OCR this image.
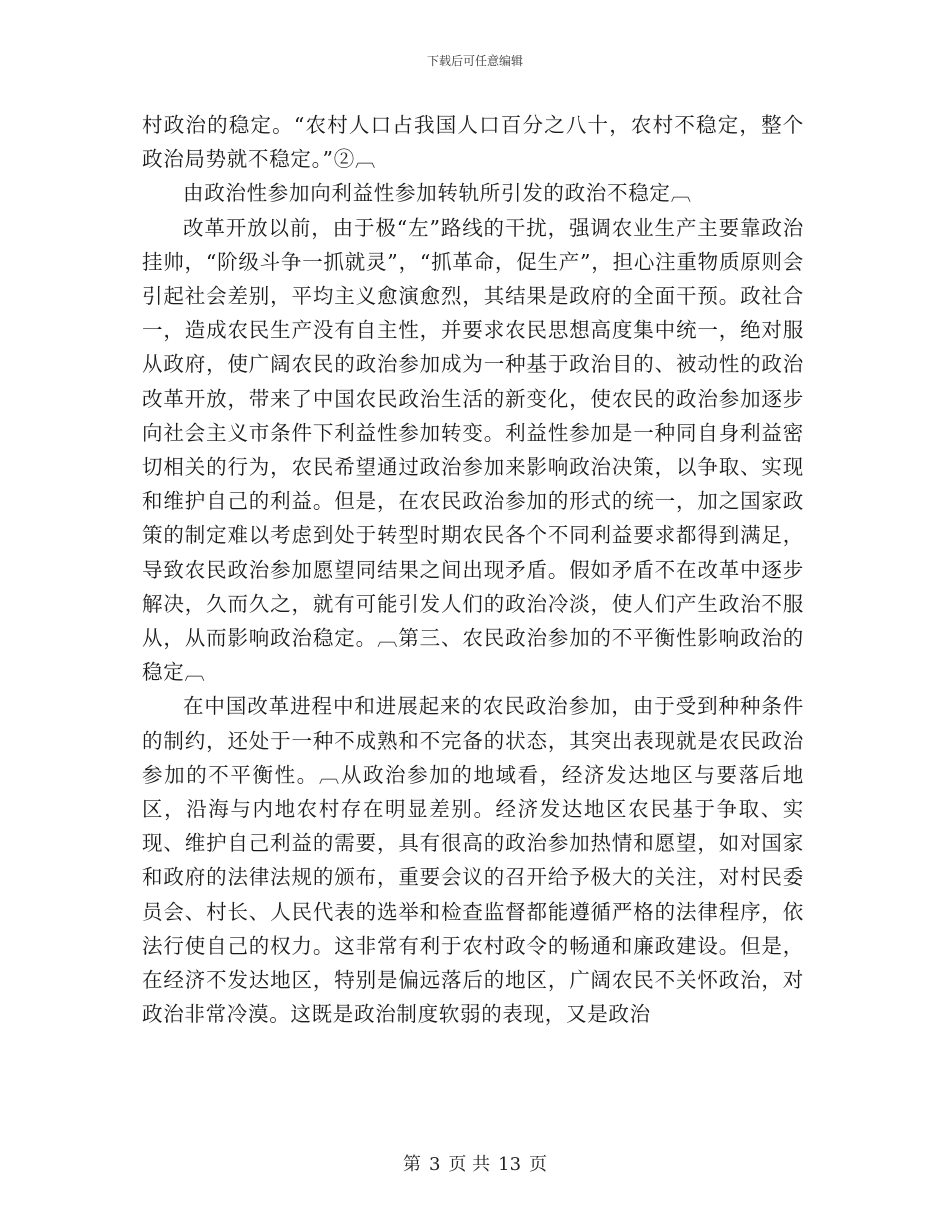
下载后可任意编辑

村政治的稳定。“农村人口占我国人口百分之八十，农村不稳定，整个政治局势就不稳定。”②︹

由政治性参加向利益性参加转轨所引发的政治不稳定︹

改革开放以前，由于极“左”路线的干扰，强调农业生产主要靠政治挂帅，“阶级斗争一抓就灵”，“抓革命，促生产”，担心注重物质原则会引起社会差别，平均主义愈演愈烈，其结果是政府的全面干预。政社合一，造成农民生产没有自主性，并要求农民思想高度集中统一，绝对服从政府，使广阔农民的政治参加成为一种基于政治目的、被动性的政治改革开放，带来了中国农民政治生活的新变化，使农民的政治参加逐步向社会主义市条件下利益性参加转变。利益性参加是一种同自身利益密切相关的行为，农民希望通过政治参加来影响政治决策，以争取、实现和维护自己的利益。但是，在农民政治参加的形式的统一，加之国家政策的制定难以考虑到处于转型时期农民各个不同利益要求都得到满足，导致农民政治参加愿望同结果之间出现矛盾。假如矛盾不在改革中逐步解决，久而久之，就有可能引发人们的政治冷淡，使人们产生政治不服从，从而影响政治稳定。︹第三、农民政治参加的不平衡性影响政治的稳定︹

在中国改革进程中和进展起来的农民政治参加，由于受到种种条件的制约，还处于一种不成熟和不完备的状态，其突出表现就是农民政治参加的不平衡性。︹从政治参加的地域看，经济发达地区与要落后地区，沿海与内地农村存在明显差别。经济发达地区农民基于争取、实现、维护自己利益的需要，具有很高的政治参加热情和愿望，如对国家和政府的法律法规的颁布，重要会议的召开给予极大的关注，对村民委员会、村长、人民代表的选举和检查监督都能遵循严格的法律程序，依法行使自己的权力。这非常有利于农村政令的畅通和廉政建设。但是，在经济不发达地区，特别是偏远落后的地区，广阔农民不关怀政治，对政治非常冷漠。这既是政治制度软弱的表现，又是政治

第 3 页 共 13 页
